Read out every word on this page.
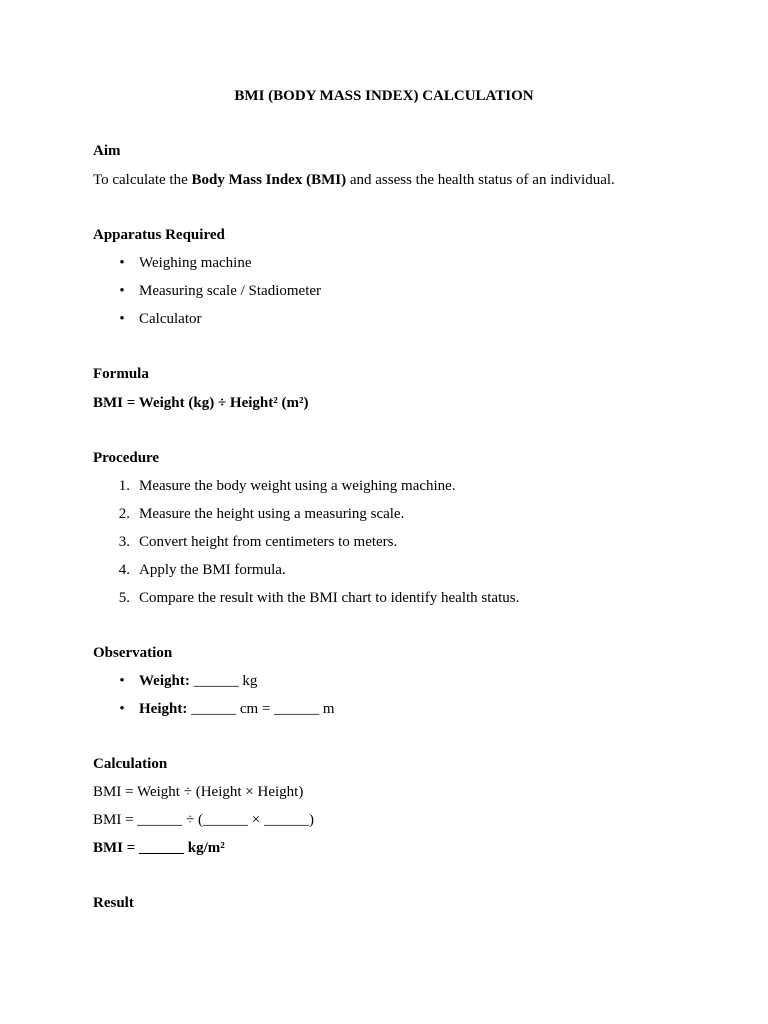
BMI (BODY MASS INDEX) CALCULATION
Aim
To calculate the Body Mass Index (BMI) and assess the health status of an individual.
Apparatus Required
• Weighing machine
• Measuring scale / Stadiometer
• Calculator
Formula
BMI = Weight (kg) ÷ Height² (m²)
Procedure
1. Measure the body weight using a weighing machine.
2. Measure the height using a measuring scale.
3. Convert height from centimeters to meters.
4. Apply the BMI formula.
5. Compare the result with the BMI chart to identify health status.
Observation
• Weight: ______ kg
• Height: ______ cm = ______ m
Calculation
BMI = Weight ÷ (Height × Height)
BMI = ______ ÷ (______ × ______)
BMI = ______ kg/m²
Result
